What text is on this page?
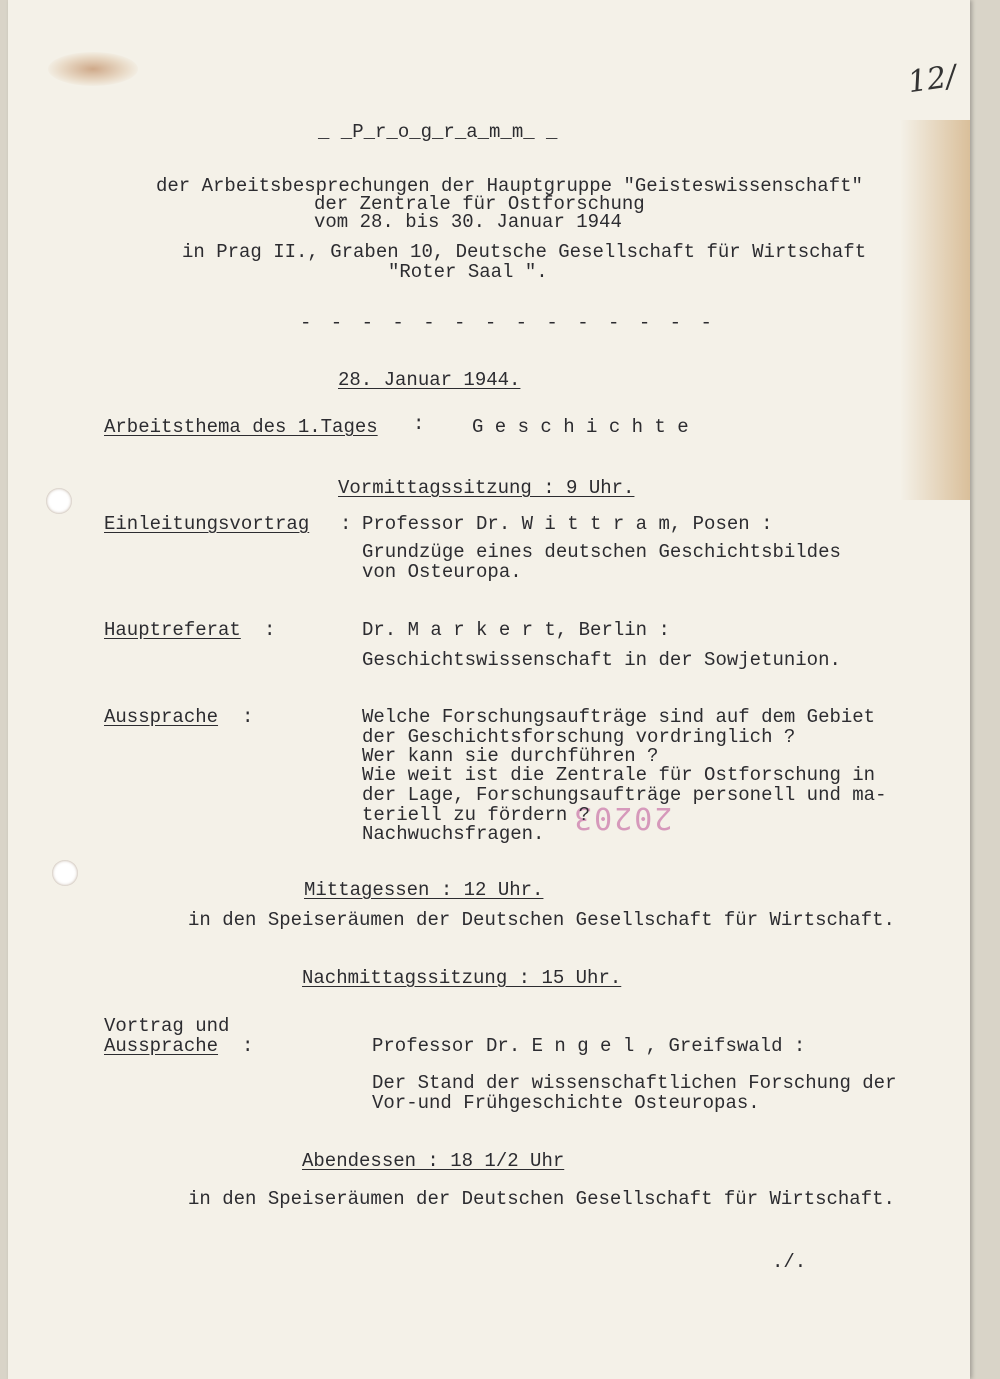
12/
20203
_ _P_r_o_g_r_a_m_m_ _
der Arbeitsbesprechungen der Hauptgruppe "Geisteswissenschaft"
der Zentrale für Ostforschung
vom 28. bis 30. Januar 1944
in Prag II., Graben 10, Deutsche Gesellschaft für Wirtschaft
"Roter Saal ".
- - - - - - - - - - - - - -
28. Januar 1944.
Arbeitsthema des 1.Tages :	G e s c h i c h t e
Vormittagssitzung : 9 Uhr.
Einleitungsvortrag : Professor Dr. W i t t r a m, Posen :
Grundzüge eines deutschen Geschichtsbildes
von Osteuropa.
Hauptreferat :	Dr. M a r k e r t, Berlin :
Geschichtswissenschaft in der Sowjetunion.
Aussprache :	Welche Forschungsaufträge sind auf dem Gebiet
der Geschichtsforschung vordringlich ?
Wer kann sie durchführen ?
Wie weit ist die Zentrale für Ostforschung in
der Lage, Forschungsaufträge personell und ma-
teriell zu fördern ?
Nachwuchsfragen.
Mittagessen : 12 Uhr.
in den Speiseräumen der Deutschen Gesellschaft für Wirtschaft.
Nachmittagssitzung : 15 Uhr.
Vortrag und
Aussprache :	Professor Dr. E n g e l , Greifswald :
Der Stand der wissenschaftlichen Forschung der
Vor-und Frühgeschichte Osteuropas.
Abendessen : 18 1/2 Uhr
in den Speiseräumen der Deutschen Gesellschaft für Wirtschaft.
./.
